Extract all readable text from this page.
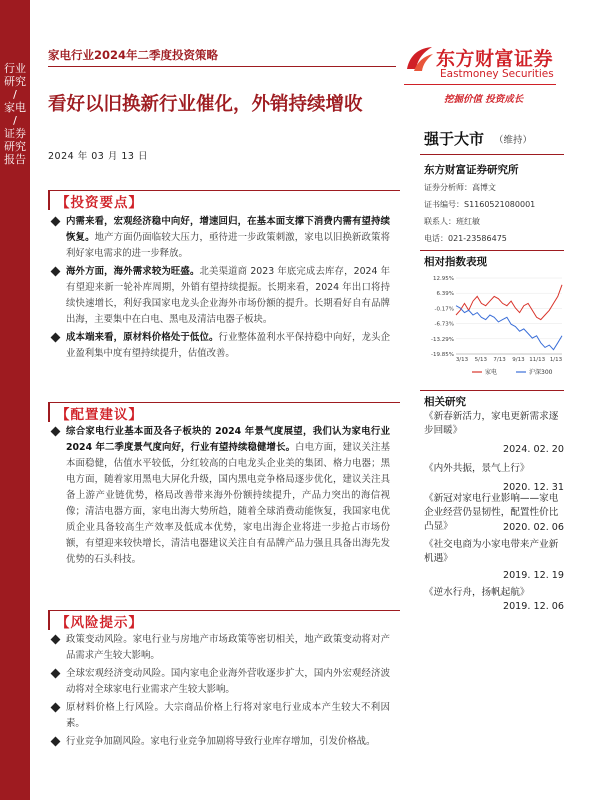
行业研究
/
家电
/
证券研究报告
家电行业2024年二季度投资策略	东方财富证券
Eastmoney Securities
挖掘价值 投资成长
看好以旧换新行业催化，外销持续增收
2024 年 03 月 13 日
【投资要点】
内需来看，宏观经济稳中向好，增速回归，在基本面支撑下消费内需有望持续恢复。地产方面仍面临较大压力，亟待进一步政策刺激，家电以旧换新政策将利好家电需求的进一步释放。
海外方面，海外需求较为旺盛。北美渠道商 2023 年底完成去库存，2024 年有望迎来新一轮补库周期，外销有望持续提振。长期来看，2024 年出口将持续快速增长，利好我国家电龙头企业海外市场份额的提升。长期看好自有品牌出海，主要集中在白电、黑电及清洁电器子板块。
成本端来看，原材料价格处于低位。行业整体盈利水平保持稳中向好，龙头企业盈利集中度有望持续提升，估值改善。
【配置建议】
综合家电行业基本面及各子板块的 2024 年景气度展望，我们认为家电行业 2024 年二季度景气度向好，行业有望持续稳健增长。白电方面，建议关注基本面稳健，估值水平较低，分红较高的白电龙头企业美的集团、格力电器；黑电方面，随着家用黑电大屏化升级，国内黑电竞争格局逐步优化，建议关注具备上游产业链优势，格局改善带来海外份额持续提升，产品力突出的海信视像；清洁电器方面，家电出海大势所趋，随着全球消费动能恢复，我国家电优质企业具备较高生产效率及低成本优势，家电出海企业将进一步抢占市场份额，有望迎来较快增长，清洁电器建议关注自有品牌产品力强且具备出海先发优势的石头科技。
【风险提示】
政策变动风险。家电行业与房地产市场政策等密切相关，地产政策变动将对产品需求产生较大影响。
全球宏观经济变动风险。国内家电企业海外营收逐步扩大，国内外宏观经济波动将对全球家电行业需求产生较大影响。
原材料价格上行风险。大宗商品价格上行将对家电行业成本产生较大不利因素。
行业竞争加剧风险。家电行业竞争加剧将导致行业库存增加，引发价格战。
强于大市 （维持）
东方财富证券研究所
证券分析师：高博文
证书编号：S1160521080001
联系人：班红敏
电话：021-23586475
相对指数表现
12.95%
6.39%
-0.17%
-6.73%
-13.29%
-19.85%
3/13 5/13 7/13 9/13 11/13 1/13
家电	沪深300
相关研究
《新春新活力，家电更新需求逐步回暖》
2024. 02. 20
《内外共振，景气上行》
2020. 12. 31
《新冠对家电行业影响——家电企业经营仍显韧性，配置性价比凸显》	2020. 02. 06
《社交电商为小家电带来产业新机遇》
2019. 12. 19
《逆水行舟，扬帆起航》
2019. 12. 06
